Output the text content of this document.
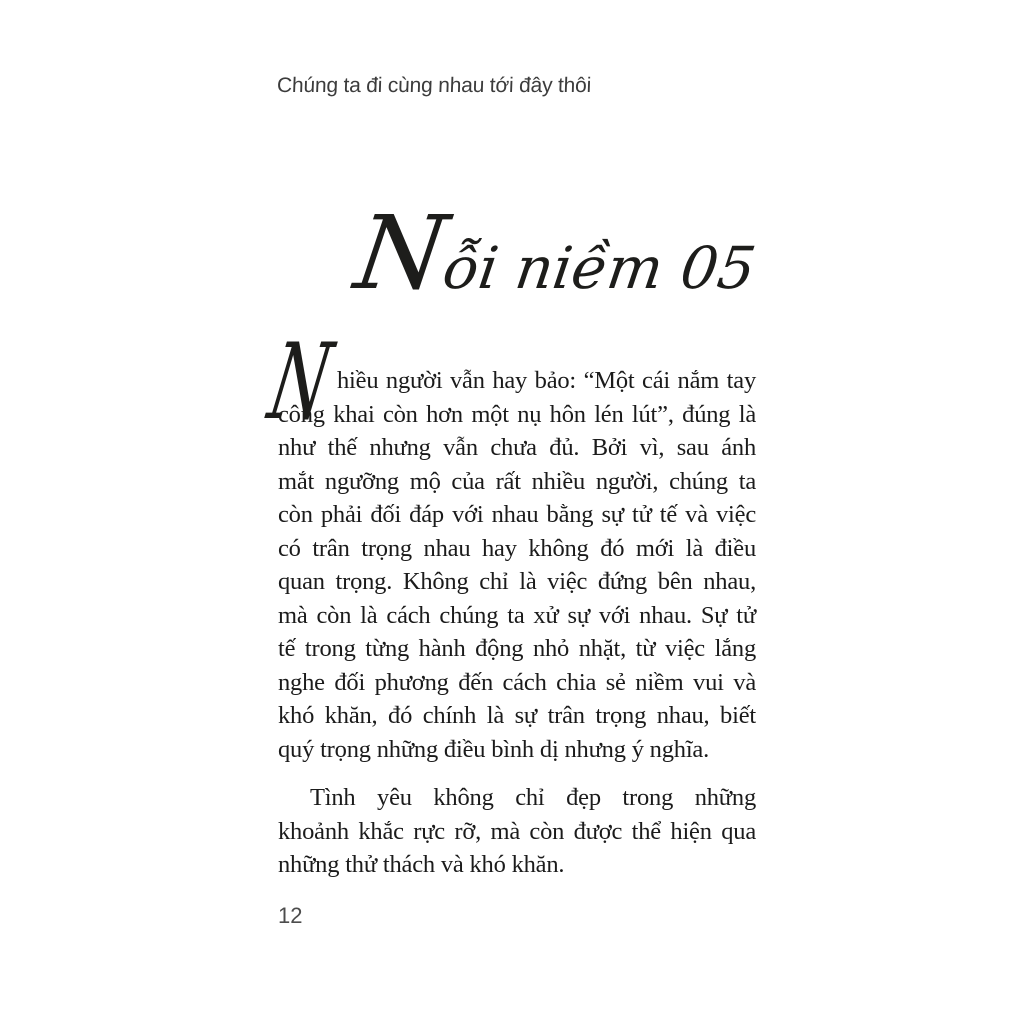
Chúng ta đi cùng nhau tới đây thôi
Nỗi niềm 05
N
hiều người vẫn hay bảo: “Một cái nắm tay
công khai còn hơn một nụ hôn lén lút”, đúng là
như thế nhưng vẫn chưa đủ. Bởi vì, sau ánh
mắt ngưỡng mộ của rất nhiều người, chúng ta
còn phải đối đáp với nhau bằng sự tử tế và việc
có trân trọng nhau hay không đó mới là điều
quan trọng. Không chỉ là việc đứng bên nhau,
mà còn là cách chúng ta xử sự với nhau. Sự tử
tế trong từng hành động nhỏ nhặt, từ việc lắng
nghe đối phương đến cách chia sẻ niềm vui và
khó khăn, đó chính là sự trân trọng nhau, biết
quý trọng những điều bình dị nhưng ý nghĩa.
Tình yêu không chỉ đẹp trong những
khoảnh khắc rực rỡ, mà còn được thể hiện qua
những thử thách và khó khăn.
12
